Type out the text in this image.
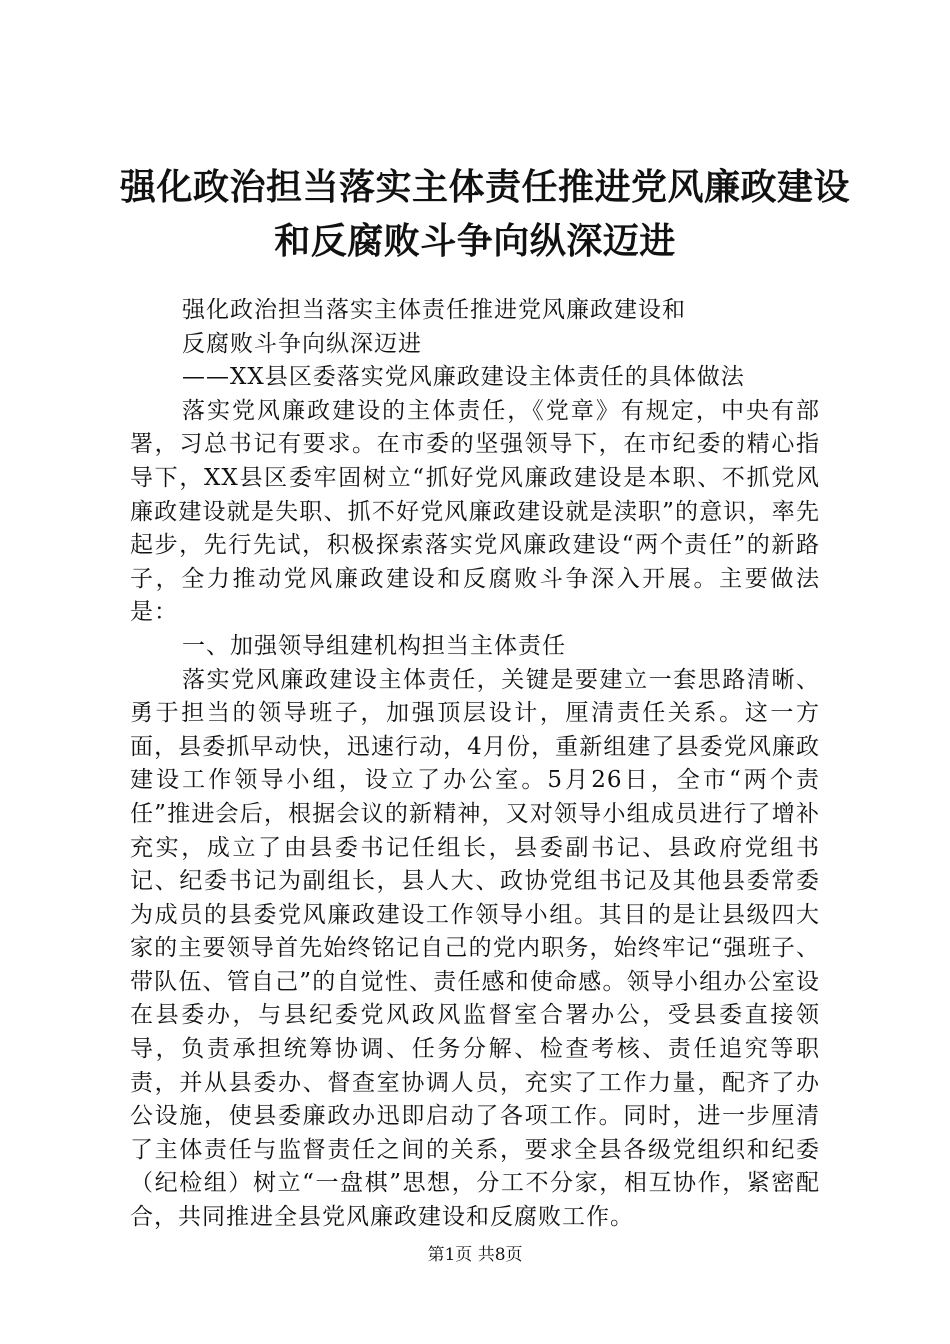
强化政治担当落实主体责任推进党风廉政建设
和反腐败斗争向纵深迈进

强化政治担当落实主体责任推进党风廉政建设和

反腐败斗争向纵深迈进

——XX县区委落实党风廉政建设主体责任的具体做法

落实党风廉政建设的主体责任，《党章》有规定，中央有部署，习总书记有要求。在市委的坚强领导下，在市纪委的精心指导下，XX县区委牢固树立“抓好党风廉政建设是本职、不抓党风廉政建设就是失职、抓不好党风廉政建设就是渎职”的意识，率先起步，先行先试，积极探索落实党风廉政建设“两个责任”的新路子，全力推动党风廉政建设和反腐败斗争深入开展。主要做法是：

一、加强领导组建机构担当主体责任

落实党风廉政建设主体责任，关键是要建立一套思路清晰、勇于担当的领导班子，加强顶层设计，厘清责任关系。这一方面，县委抓早动快，迅速行动，4月份，重新组建了县委党风廉政建设工作领导小组，设立了办公室。5月26日，全市“两个责任”推进会后，根据会议的新精神，又对领导小组成员进行了增补充实，成立了由县委书记任组长，县委副书记、县政府党组书记、纪委书记为副组长，县人大、政协党组书记及其他县委常委为成员的县委党风廉政建设工作领导小组。其目的是让县级四大家的主要领导首先始终铭记自己的党内职务，始终牢记“强班子、带队伍、管自己”的自觉性、责任感和使命感。领导小组办公室设在县委办，与县纪委党风政风监督室合署办公，受县委直接领导，负责承担统筹协调、任务分解、检查考核、责任追究等职责，并从县委办、督查室协调人员，充实了工作力量，配齐了办公设施，使县委廉政办迅即启动了各项工作。同时，进一步厘清了主体责任与监督责任之间的关系，要求全县各级党组织和纪委（纪检组）树立“一盘棋”思想，分工不分家，相互协作，紧密配合，共同推进全县党风廉政建设和反腐败工作。

第1页 共8页
